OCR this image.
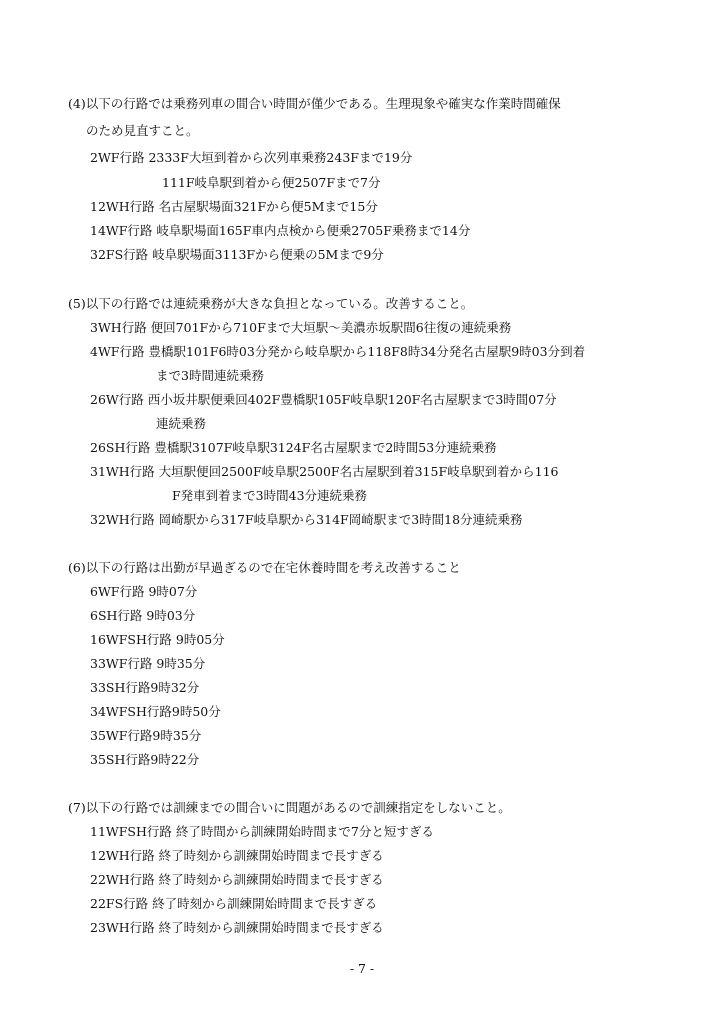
(4)以下の行路では乗務列車の間合い時間が僅少である。生理現象や確実な作業時間確保
のため見直すこと。
2WF行路 2333F大垣到着から次列車乗務243Fまで19分
111F岐阜駅到着から便2507Fまで7分
12WH行路 名古屋駅場面321Fから便5Mまで15分
14WF行路 岐阜駅場面165F車内点検から便乗2705F乗務まで14分
32FS行路 岐阜駅場面3113Fから便乗の5Mまで9分
(5)以下の行路では連続乗務が大きな負担となっている。改善すること。
3WH行路 便回701Fから710Fまで大垣駅～美濃赤坂駅間6往復の連続乗務
4WF行路 豊橋駅101F6時03分発から岐阜駅から118F8時34分発名古屋駅9時03分到着
まで3時間連続乗務
26W行路 西小坂井駅便乗回402F豊橋駅105F岐阜駅120F名古屋駅まで3時間07分
連続乗務
26SH行路 豊橋駅3107F岐阜駅3124F名古屋駅まで2時間53分連続乗務
31WH行路 大垣駅便回2500F岐阜駅2500F名古屋駅到着315F岐阜駅到着から116
F発車到着まで3時間43分連続乗務
32WH行路 岡崎駅から317F岐阜駅から314F岡崎駅まで3時間18分連続乗務
(6)以下の行路は出勤が早過ぎるので在宅休養時間を考え改善すること
6WF行路 9時07分
6SH行路 9時03分
16WFSH行路 9時05分
33WF行路 9時35分
33SH行路9時32分
34WFSH行路9時50分
35WF行路9時35分
35SH行路9時22分
(7)以下の行路では訓練までの間合いに問題があるので訓練指定をしないこと。
11WFSH行路 終了時間から訓練開始時間まで7分と短すぎる
12WH行路 終了時刻から訓練開始時間まで長すぎる
22WH行路 終了時刻から訓練開始時間まで長すぎる
22FS行路 終了時刻から訓練開始時間まで長すぎる
23WH行路 終了時刻から訓練開始時間まで長すぎる
- 7 -
